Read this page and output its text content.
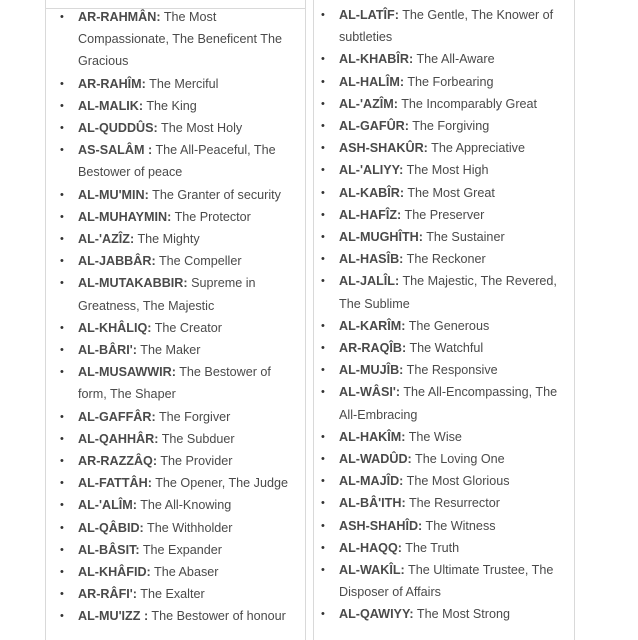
• AR-RAHMÂN: The Most Compassionate, The Beneficent The Gracious
• AR-RAHÎM: The Merciful
• AL-MALIK: The King
• AL-QUDDÛS: The Most Holy
• AS-SALÂM : The All-Peaceful, The Bestower of peace
• AL-MU'MIN: The Granter of security
• AL-MUHAYMIN: The Protector
• AL-'AZÎZ: The Mighty
• AL-JABBÂR: The Compeller
• AL-MUTAKABBIR: Supreme in Greatness, The Majestic
• AL-KHÂLIQ: The Creator
• AL-BÂRI': The Maker
• AL-MUSAWWIR: The Bestower of form, The Shaper
• AL-GAFFÂR: The Forgiver
• AL-QAHHÂR: The Subduer
• AR-RAZZÂQ: The Provider
• AL-FATTÂH: The Opener, The Judge
• AL-'ALÎM: The All-Knowing
• AL-QÂBID: The Withholder
• AL-BÂSIT: The Expander
• AL-KHÂFID: The Abaser
• AR-RÂFI': The Exalter
• AL-MU'IZZ : The Bestower of honour
• AL-LATÎF: The Gentle, The Knower of subtleties
• AL-KHABÎR: The All-Aware
• AL-HALÎM: The Forbearing
• AL-'AZÎM: The Incomparably Great
• AL-GAFÛR: The Forgiving
• ASH-SHAKÛR: The Appreciative
• AL-'ALIYY: The Most High
• AL-KABÎR: The Most Great
• AL-HAFÎZ: The Preserver
• AL-MUGHÎTH: The Sustainer
• AL-HASÎB: The Reckoner
• AL-JALÎL: The Majestic, The Revered, The Sublime
• AL-KARÎM: The Generous
• AR-RAQÎB: The Watchful
• AL-MUJÎB: The Responsive
• AL-WÂSI': The All-Encompassing, The All-Embracing
• AL-HAKÎM: The Wise
• AL-WADÛD: The Loving One
• AL-MAJÎD: The Most Glorious
• AL-BÂ'ITH: The Resurrector
• ASH-SHAHÎD: The Witness
• AL-HAQQ: The Truth
• AL-WAKÎL: The Ultimate Trustee, The Disposer of Affairs
• AL-QAWIYY: The Most Strong
